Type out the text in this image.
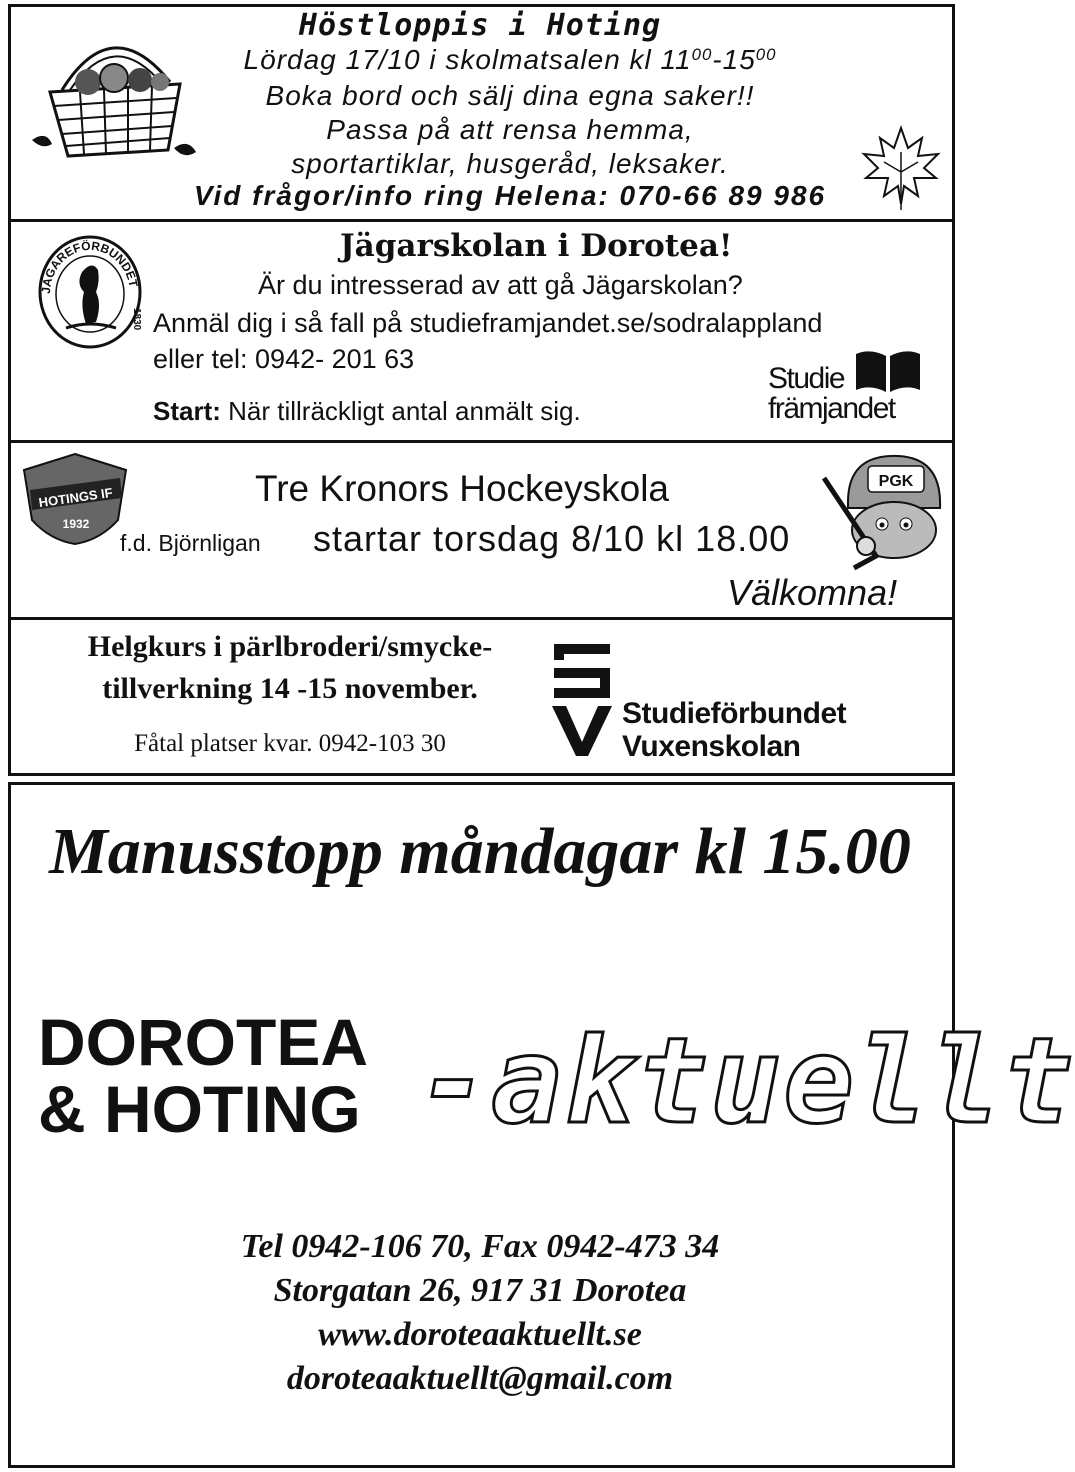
Höstloppis i Hoting
Lördag 17/10 i skolmatsalen kl $11^{00}-15^{00}$
Boka bord och sälj dina egna saker!!
Passa på att rensa hemma,
sportartiklar, husgeråd, leksaker.
Vid frågor/info ring Helena: 070-66 89 986
JÄGAREFÖRBUNDET
1830
Jägarskolan i Dorotea!
Är du intresserad av att gå Jägarskolan?
Anmäl dig i så fall på studieframjandet.se/sodralappland
eller tel: 0942- 201 63
Start: När tillräckligt antal anmält sig.
Studie
främjandet
HOTINGS IF
1932
PGK
Tre Kronors Hockeyskola
f.d. Björnligan startar torsdag 8/10 kl 18.00
Välkomna!
Helgkurs i pärlbroderi/smycke-
tillverkning 14 -15 november.
Fåtal platser kvar. 0942-103 30
Studieförbundet
Vuxenskolan
Manusstopp måndagar kl 15.00
DOROTEA
& HOTING -aktuellt
Tel 0942-106 70, Fax 0942-473 34
Storgatan 26, 917 31 Dorotea
www.doroteaaktuellt.se
doroteaaktuellt@gmail.com
